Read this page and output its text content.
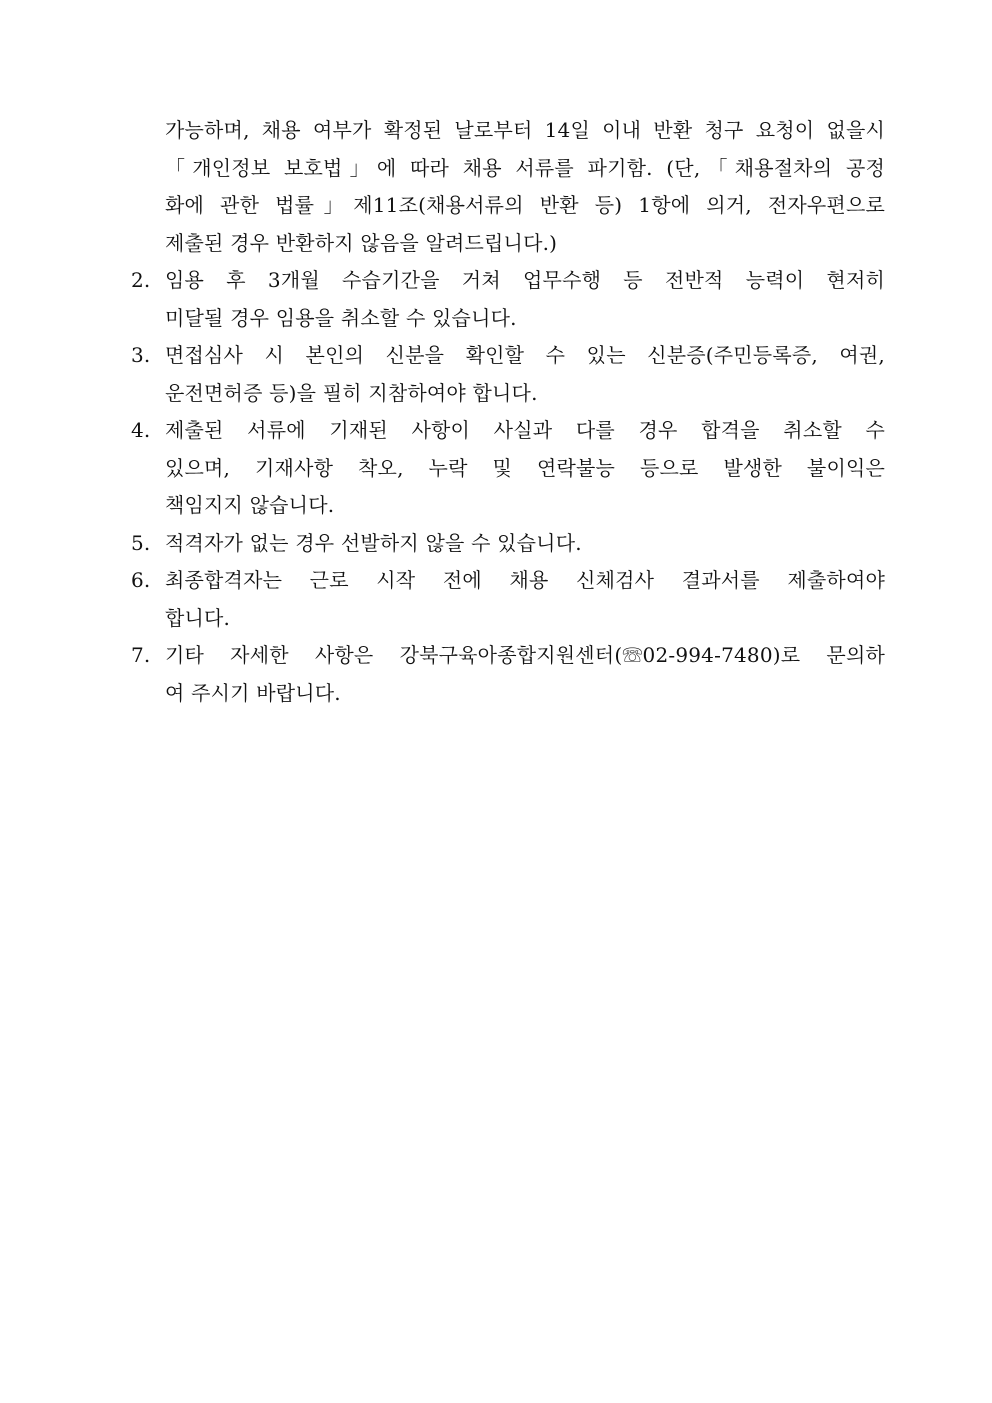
가능하며, 채용 여부가 확정된 날로부터 14일 이내 반환 청구 요청이 없을시
「개인정보 보호법」에 따라 채용 서류를 파기함. (단,「채용절차의 공정
화에 관한 법률」제11조(채용서류의 반환 등) 1항에 의거, 전자우편으로
제출된 경우 반환하지 않음을 알려드립니다.)
2. 임용 후 3개월 수습기간을 거쳐 업무수행 등 전반적 능력이 현저히
미달될 경우 임용을 취소할 수 있습니다.
3. 면접심사 시 본인의 신분을 확인할 수 있는 신분증(주민등록증, 여권,
운전면허증 등)을 필히 지참하여야 합니다.
4. 제출된 서류에 기재된 사항이 사실과 다를 경우 합격을 취소할 수
있으며, 기재사항 착오, 누락 및 연락불능 등으로 발생한 불이익은
책임지지 않습니다.
5. 적격자가 없는 경우 선발하지 않을 수 있습니다.
6. 최종합격자는 근로 시작 전에 채용 신체검사 결과서를 제출하여야
합니다.
7. 기타 자세한 사항은 강북구육아종합지원센터(☏02-994-7480)로 문의하
여 주시기 바랍니다.
